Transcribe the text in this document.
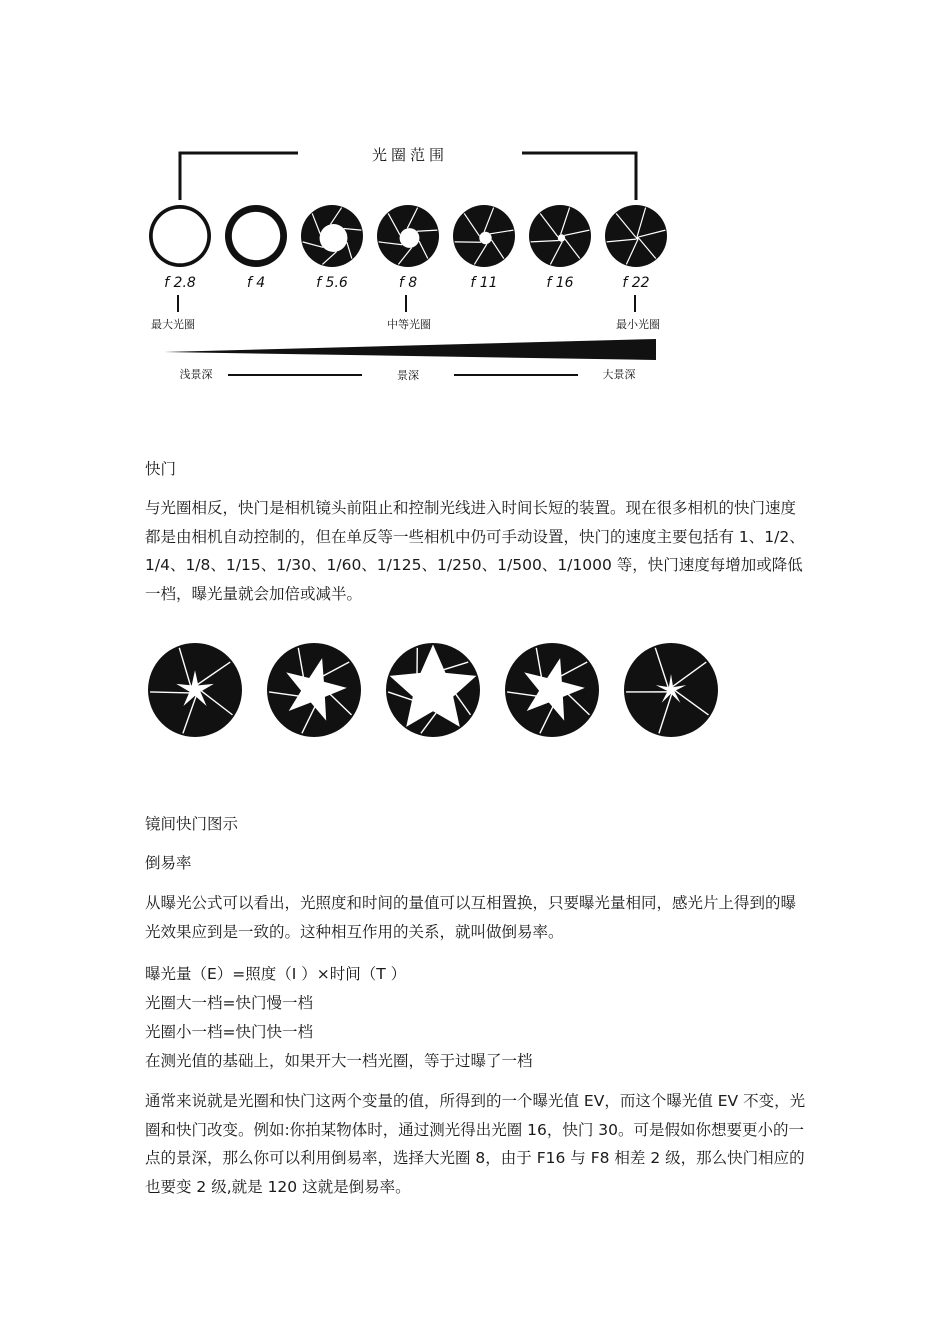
光圈范围
f 2.8	f 4	f 5.6	f 8	f 11	f 16	f 22
最大光圈	中等光圈	最小光圈
浅景深	景深	大景深

快门

与光圈相反，快门是相机镜头前阻止和控制光线进入时间长短的装置。现在很多相机的快门速度都是由相机自动控制的，但在单反等一些相机中仍可手动设置，快门的速度主要包括有 1、1/2、1/4、1/8、1/15、1/30、1/60、1/125、1/250、1/500、1/1000 等，快门速度每增加或降低一档，曝光量就会加倍或减半。

镜间快门图示

倒易率

从曝光公式可以看出，光照度和时间的量值可以互相置换，只要曝光量相同，感光片上得到的曝光效果应到是一致的。这种相互作用的关系，就叫做倒易率。

曝光量（E）=照度（I ）×时间（T ）
光圈大一档=快门慢一档
光圈小一档=快门快一档
在测光值的基础上，如果开大一档光圈，等于过曝了一档

通常来说就是光圈和快门这两个变量的值，所得到的一个曝光值 EV，而这个曝光值 EV 不变，光圈和快门改变。例如:你拍某物体时，通过测光得出光圈 16，快门 30。可是假如你想要更小的一点的景深，那么你可以利用倒易率，选择大光圈 8，由于 F16 与 F8 相差 2 级，那么快门相应的也要变 2 级,就是 120 这就是倒易率。
